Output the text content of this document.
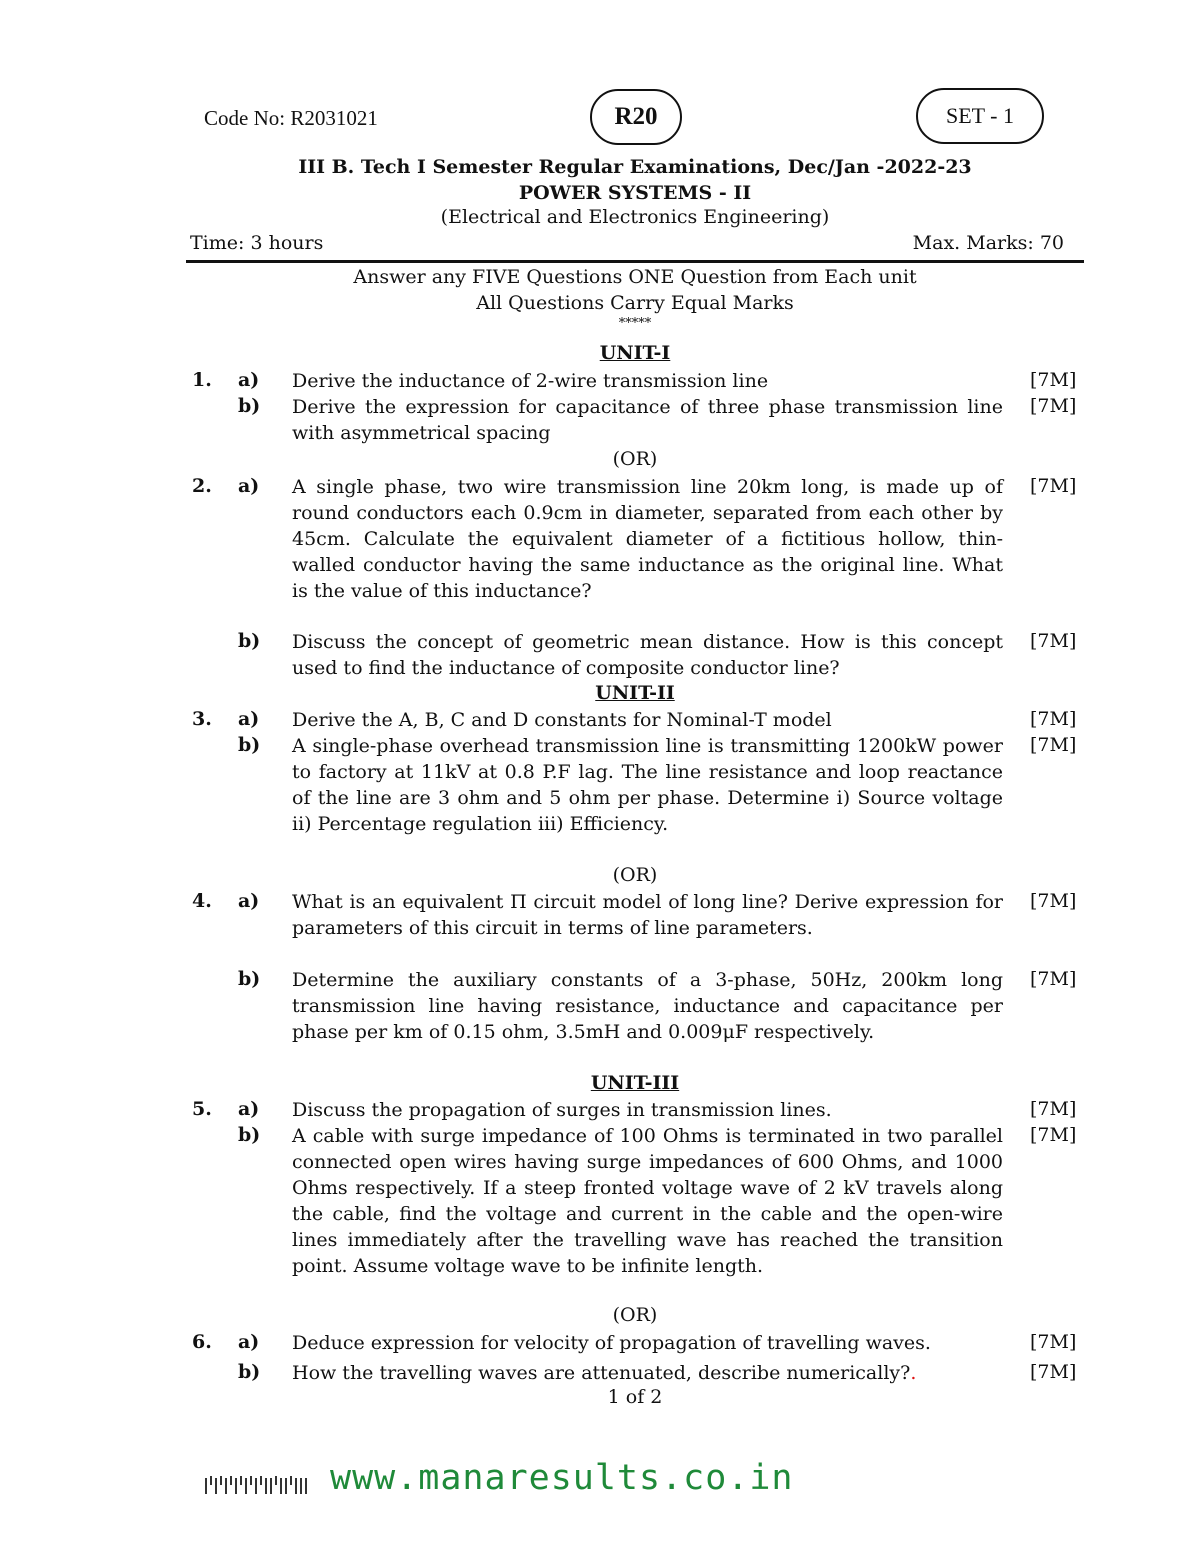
Code No: R2031021	R20	SET - 1
III B. Tech I Semester Regular Examinations, Dec/Jan -2022-23
POWER SYSTEMS - II
(Electrical and Electronics Engineering)
Time: 3 hours	Max. Marks: 70
Answer any FIVE Questions ONE Question from Each unit
All Questions Carry Equal Marks
*****
UNIT-I
1. a) Derive the inductance of 2-wire transmission line	[7M]
b) Derive the expression for capacitance of three phase transmission line with asymmetrical spacing
[7M]
(OR)
2. a) A single phase, two wire transmission line 20km long, is made up of round conductors each 0.9cm in diameter, separated from each other by 45cm. Calculate the equivalent diameter of a fictitious hollow, thin-walled conductor having the same inductance as the original line. What is the value of this inductance?
[7M]
b) Discuss the concept of geometric mean distance. How is this concept used to find the inductance of composite conductor line?
[7M]
UNIT-II
3. a) Derive the A, B, C and D constants for Nominal-T model	[7M]
b) A single-phase overhead transmission line is transmitting 1200kW power to factory at 11kV at 0.8 P.F lag. The line resistance and loop reactance of the line are 3 ohm and 5 ohm per phase. Determine i) Source voltage ii) Percentage regulation iii) Efficiency.
[7M]
(OR)
4. a) What is an equivalent Π circuit model of long line? Derive expression for parameters of this circuit in terms of line parameters.
[7M]
b) Determine the auxiliary constants of a 3-phase, 50Hz, 200km long transmission line having resistance, inductance and capacitance per phase per km of 0.15 ohm, 3.5mH and 0.009μF respectively.
[7M]
UNIT-III
5. a) Discuss the propagation of surges in transmission lines.	[7M]
b) A cable with surge impedance of 100 Ohms is terminated in two parallel connected open wires having surge impedances of 600 Ohms, and 1000 Ohms respectively. If a steep fronted voltage wave of 2 kV travels along the cable, find the voltage and current in the cable and the open-wire lines immediately after the travelling wave has reached the transition point. Assume voltage wave to be infinite length.
[7M]
(OR)
6. a) Deduce expression for velocity of propagation of travelling waves.	[7M]
b) How the travelling waves are attenuated, describe numerically?.	[7M]
1 of 2
www.manaresults.co.in
